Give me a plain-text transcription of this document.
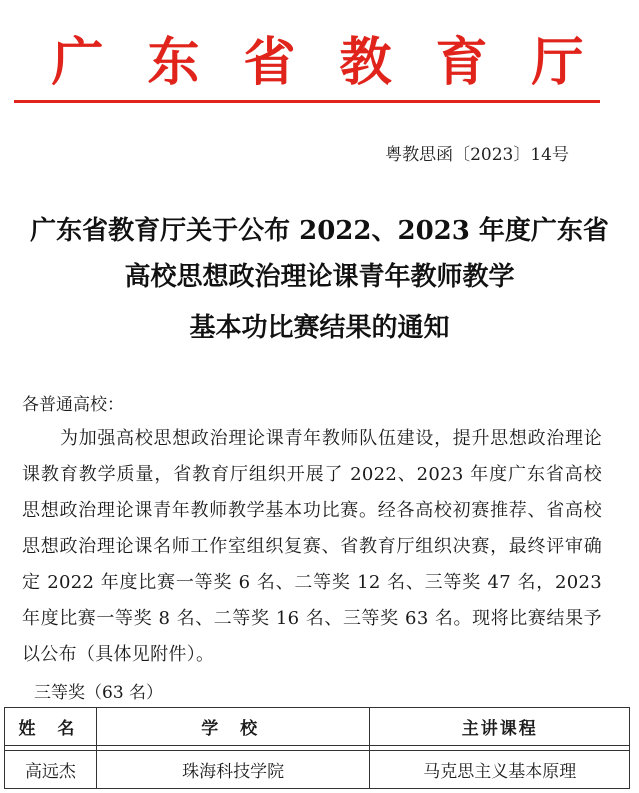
广东省教育厅
粤教思函〔2023〕14号
广东省教育厅关于公布 2022、2023 年度广东省
高校思想政治理论课青年教师教学
基本功比赛结果的通知
各普通高校：
为加强高校思想政治理论课青年教师队伍建设，提升思想政治理论课教育教学质量，省教育厅组织开展了 2022、2023 年度广东省高校思想政治理论课青年教师教学基本功比赛。经各高校初赛推荐、省高校思想政治理论课名师工作室组织复赛、省教育厅组织决赛，最终评审确定 2022 年度比赛一等奖 6 名、二等奖 12 名、三等奖 47 名，2023 年度比赛一等奖 8 名、二等奖 16 名、三等奖 63 名。现将比赛结果予以公布（具体见附件）。
三等奖（63 名）
姓 名	学 校	主讲课程

高远杰	珠海科技学院	马克思主义基本原理
